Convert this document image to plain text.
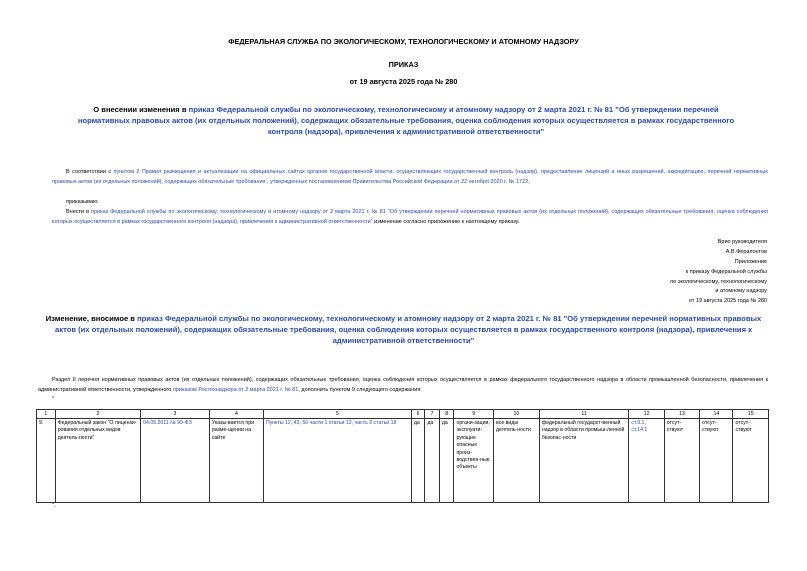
ФЕДЕРАЛЬНАЯ СЛУЖБА ПО ЭКОЛОГИЧЕСКОМУ, ТЕХНОЛОГИЧЕСКОМУ И АТОМНОМУ НАДЗОРУ
ПРИКАЗ
от 19 августа 2025 года № 280
О внесении изменения в приказ Федеральной службы по экологическому, технологическому и атомному надзору от 2 марта 2021 г. № 81 "Об утверждении перечней нормативных правовых актов (их отдельных положений), содержащих обязательные требования, оценка соблюдения которых осуществляется в рамках государственного контроля (надзора), привлечения к административной ответственности"
В соответствии с пунктом 2 Правил размещения и актуализации на официальных сайтах органов государственной власти, осуществляющих государственный контроль (надзор), предоставление лицензий и иных разрешений, аккредитацию, перечней нормативных правовых актов (их отдельных положений), содержащих обязательные требования , утвержденных постановлением Правительства Российской Федерации от 22 октября 2020 г. № 1722,
приказываю:
Внести в приказ Федеральной службы по экологическому, технологическому и атомному надзору от 2 марта 2021 г. № 81 "Об утверждении перечней нормативных правовых актов (их отдельных положений), содержащих обязательные требования, оценка соблюдения которых осуществляется в рамках государственного контроля (надзора), привлечения к административной ответственности" изменение согласно приложению к настоящему приказу.
Врио руководителя
А.В.Ферапонтов
Приложение
к приказу Федеральной службы
по экологическому, технологическому
и атомному надзору
от 19 августа 2025 года № 280
Изменение, вносимое в приказ Федеральной службы по экологическому, технологическому и атомному надзору от 2 марта 2021 г. № 81 "Об утверждении перечней нормативных правовых актов (их отдельных положений), содержащих обязательные требования, оценка соблюдения которых осуществляется в рамках государственного контроля (надзора), привлечения к административной ответственности"
Раздел II перечня нормативных правовых актов (их отдельных положений), содержащих обязательные требования, оценка соблюдения которых осуществляется в рамках федерального государственного надзора в области промышленной безопасности, привлечения к административной ответственности, утвержденного приказом Ростехнадзора от 2 марта 2021 г. № 81, дополнить пунктом 9 следующего содержания:
"
1	2	3	4	5	6	7	8	9	10	11	12	13	14	15
9.	Федеральный закон "О лицензи-рования отдельных видов деятель-ности"	04.05.2011 № 99-ФЗ	Указы-вается при разме-щении на сайте	Пункты 12, 43, 50 части 1 статьи 12, часть 2 статьи 18	да	да	да	органи-зации, эксплуати-рующие опасные произ-водствен-ные объекты	все виды деятель-ности	федеральный государст-венный надзор в области промыш-ленной безопас-ности	ст.9.1, ст.14.1	отсут-ствуют	отсут-ствуют	отсут-ствуют
".
